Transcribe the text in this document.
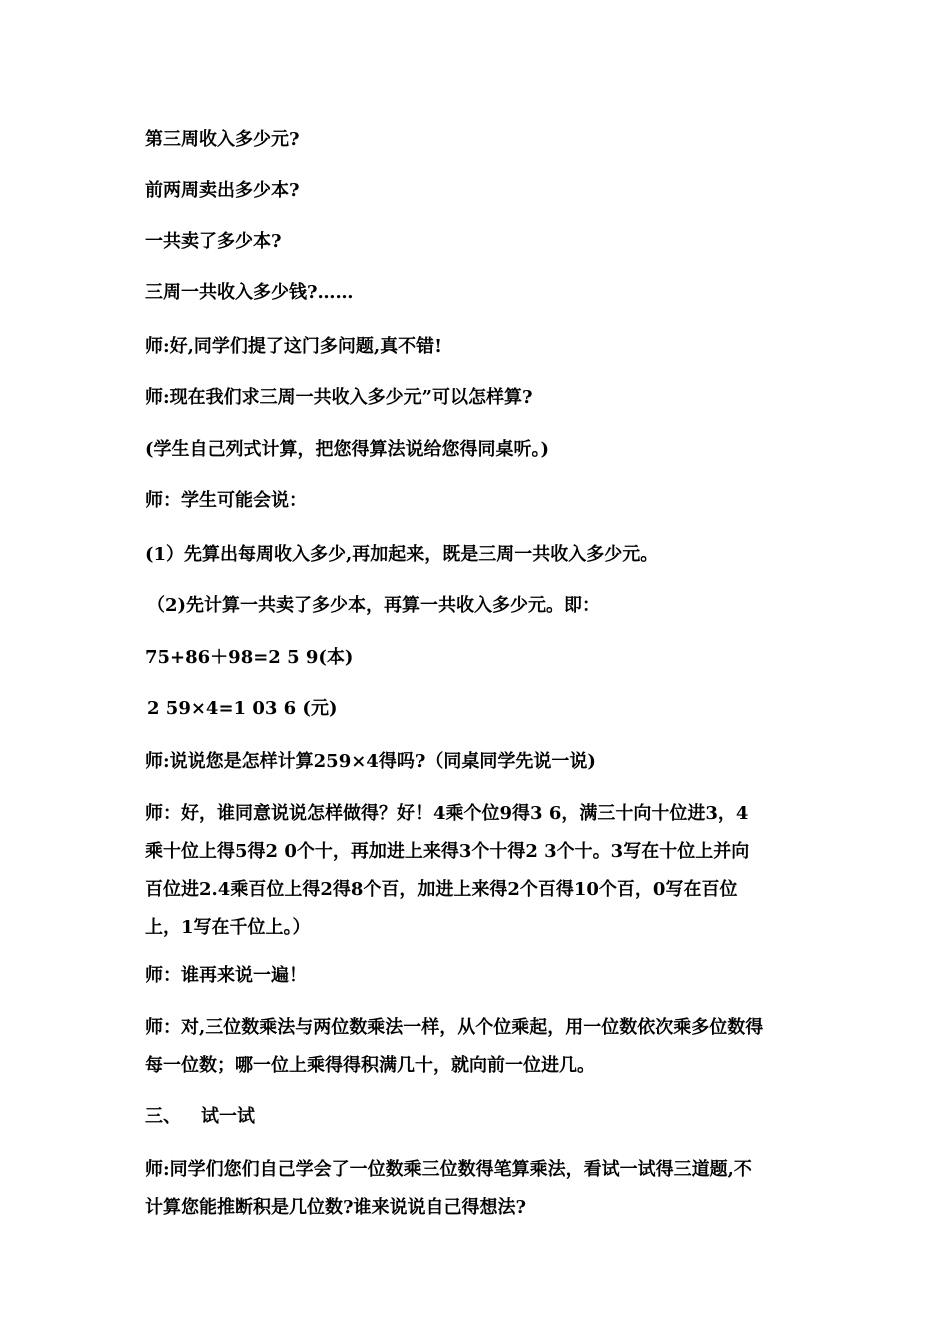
第三周收入多少元?
前两周卖出多少本?
一共卖了多少本?
三周一共收入多少钱?……
师:好,同学们提了这门多问题,真不错!
师:现在我们求三周一共收入多少元”可以怎样算?
(学生自己列式计算，把您得算法说给您得同桌听。)
师：学生可能会说：
(1）先算出每周收入多少,再加起来，既是三周一共收入多少元。
（2)先计算一共卖了多少本，再算一共收入多少元。即：
75+86＋98=2 5 9(本)
2 59×4=1 03 6 (元)
师:说说您是怎样计算259×4得吗?（同桌同学先说一说)
师：好，谁同意说说怎样做得？好！4乘个位9得3 6，满三十向十位进3，4
乘十位上得5得2 0个十，再加进上来得3个十得2 3个十。3写在十位上并向
百位进2.4乘百位上得2得8个百，加进上来得2个百得10个百，0写在百位
上，1写在千位上。）
师：谁再来说一遍！
师：对,三位数乘法与两位数乘法一样，从个位乘起，用一位数依次乘多位数得
每一位数；哪一位上乘得得积满几十，就向前一位进几。
三、 试一试
师:同学们您们自己学会了一位数乘三位数得笔算乘法，看试一试得三道题,不
计算您能推断积是几位数?谁来说说自己得想法?
